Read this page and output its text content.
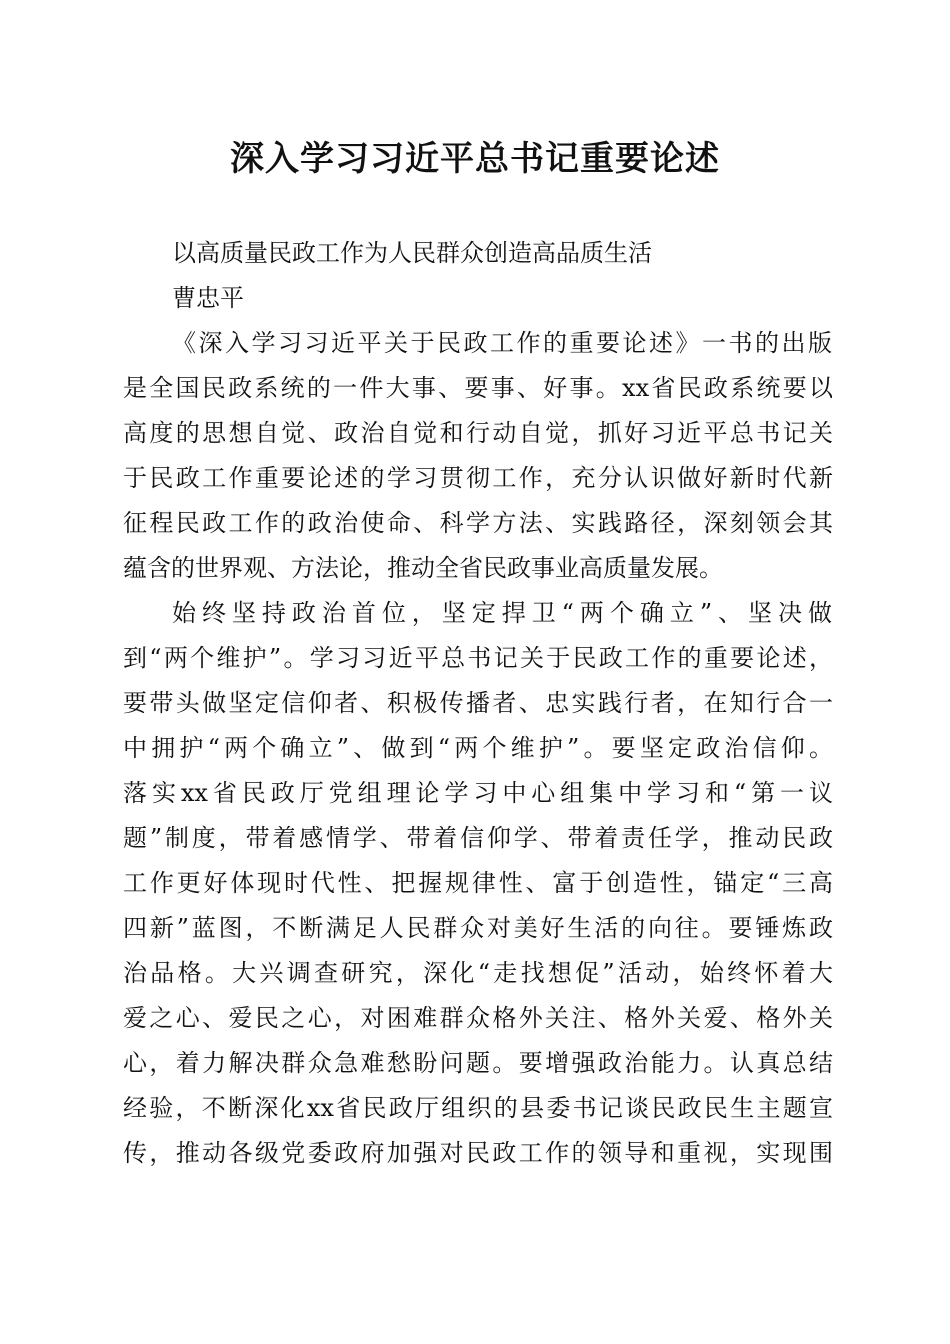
深入学习习近平总书记重要论述

以高质量民政工作为人民群众创造高品质生活

曹忠平

《深入学习习近平关于民政工作的重要论述》一书的出版

是全国民政系统的一件大事、要事、好事。xx省民政系统要以

高度的思想自觉、政治自觉和行动自觉，抓好习近平总书记关

于民政工作重要论述的学习贯彻工作，充分认识做好新时代新

征程民政工作的政治使命、科学方法、实践路径，深刻领会其

蕴含的世界观、方法论，推动全省民政事业高质量发展。

始终坚持政治首位，坚定捍卫“两个确立”、坚决做

到“两个维护”。学习习近平总书记关于民政工作的重要论述，

要带头做坚定信仰者、积极传播者、忠实践行者，在知行合一

中拥护“两个确立”、做到“两个维护”。要坚定政治信仰。

落实xx省民政厅党组理论学习中心组集中学习和“第一议

题”制度，带着感情学、带着信仰学、带着责任学，推动民政

工作更好体现时代性、把握规律性、富于创造性，锚定“三高

四新”蓝图，不断满足人民群众对美好生活的向往。要锤炼政

治品格。大兴调查研究，深化“走找想促”活动，始终怀着大

爱之心、爱民之心，对困难群众格外关注、格外关爱、格外关

心，着力解决群众急难愁盼问题。要增强政治能力。认真总结

经验，不断深化xx省民政厅组织的县委书记谈民政民生主题宣

传，推动各级党委政府加强对民政工作的领导和重视，实现围
